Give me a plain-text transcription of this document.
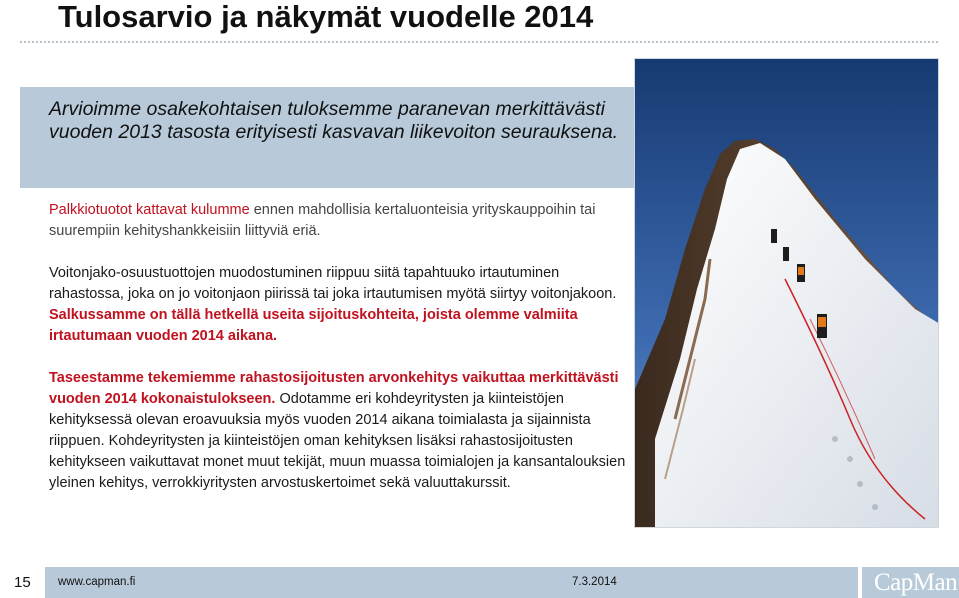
Tulosarvio ja näkymät vuodelle 2014

Arvioimme osakekohtaisen tuloksemme paranevan merkittävästi vuoden 2013 tasosta erityisesti kasvavan liikevoiton seurauksena.

Palkkiotuotot kattavat kulumme ennen mahdollisia kertaluonteisia yrityskauppoihin tai suurempiin kehityshankkeisiin liittyviä eriä.

Voitonjako-osuustuottojen muodostuminen riippuu siitä tapahtuuko irtautuminen rahastossa, joka on jo voitonjaon piirissä tai joka irtautumisen myötä siirtyy voitonjakoon. Salkussamme on tällä hetkellä useita sijoituskohteita, joista olemme valmiita irtautumaan vuoden 2014 aikana.

Taseestamme tekemiemme rahastosijoitusten arvonkehitys vaikuttaa merkittävästi vuoden 2014 kokonaistulokseen. Odotamme eri kohdeyritysten ja kiinteistöjen kehityksessä olevan eroavuuksia myös vuoden 2014 aikana toimialasta ja sijainnista riippuen. Kohdeyritysten ja kiinteistöjen oman kehityksen lisäksi rahastosijoitusten kehitykseen vaikuttavat monet muut tekijät, muun muassa toimialojen ja kansantalouksien yleinen kehitys, verrokkiyritysten arvostuskertoimet sekä valuuttakurssit.

15 www.capman.fi	7.3.2014	CapMan
